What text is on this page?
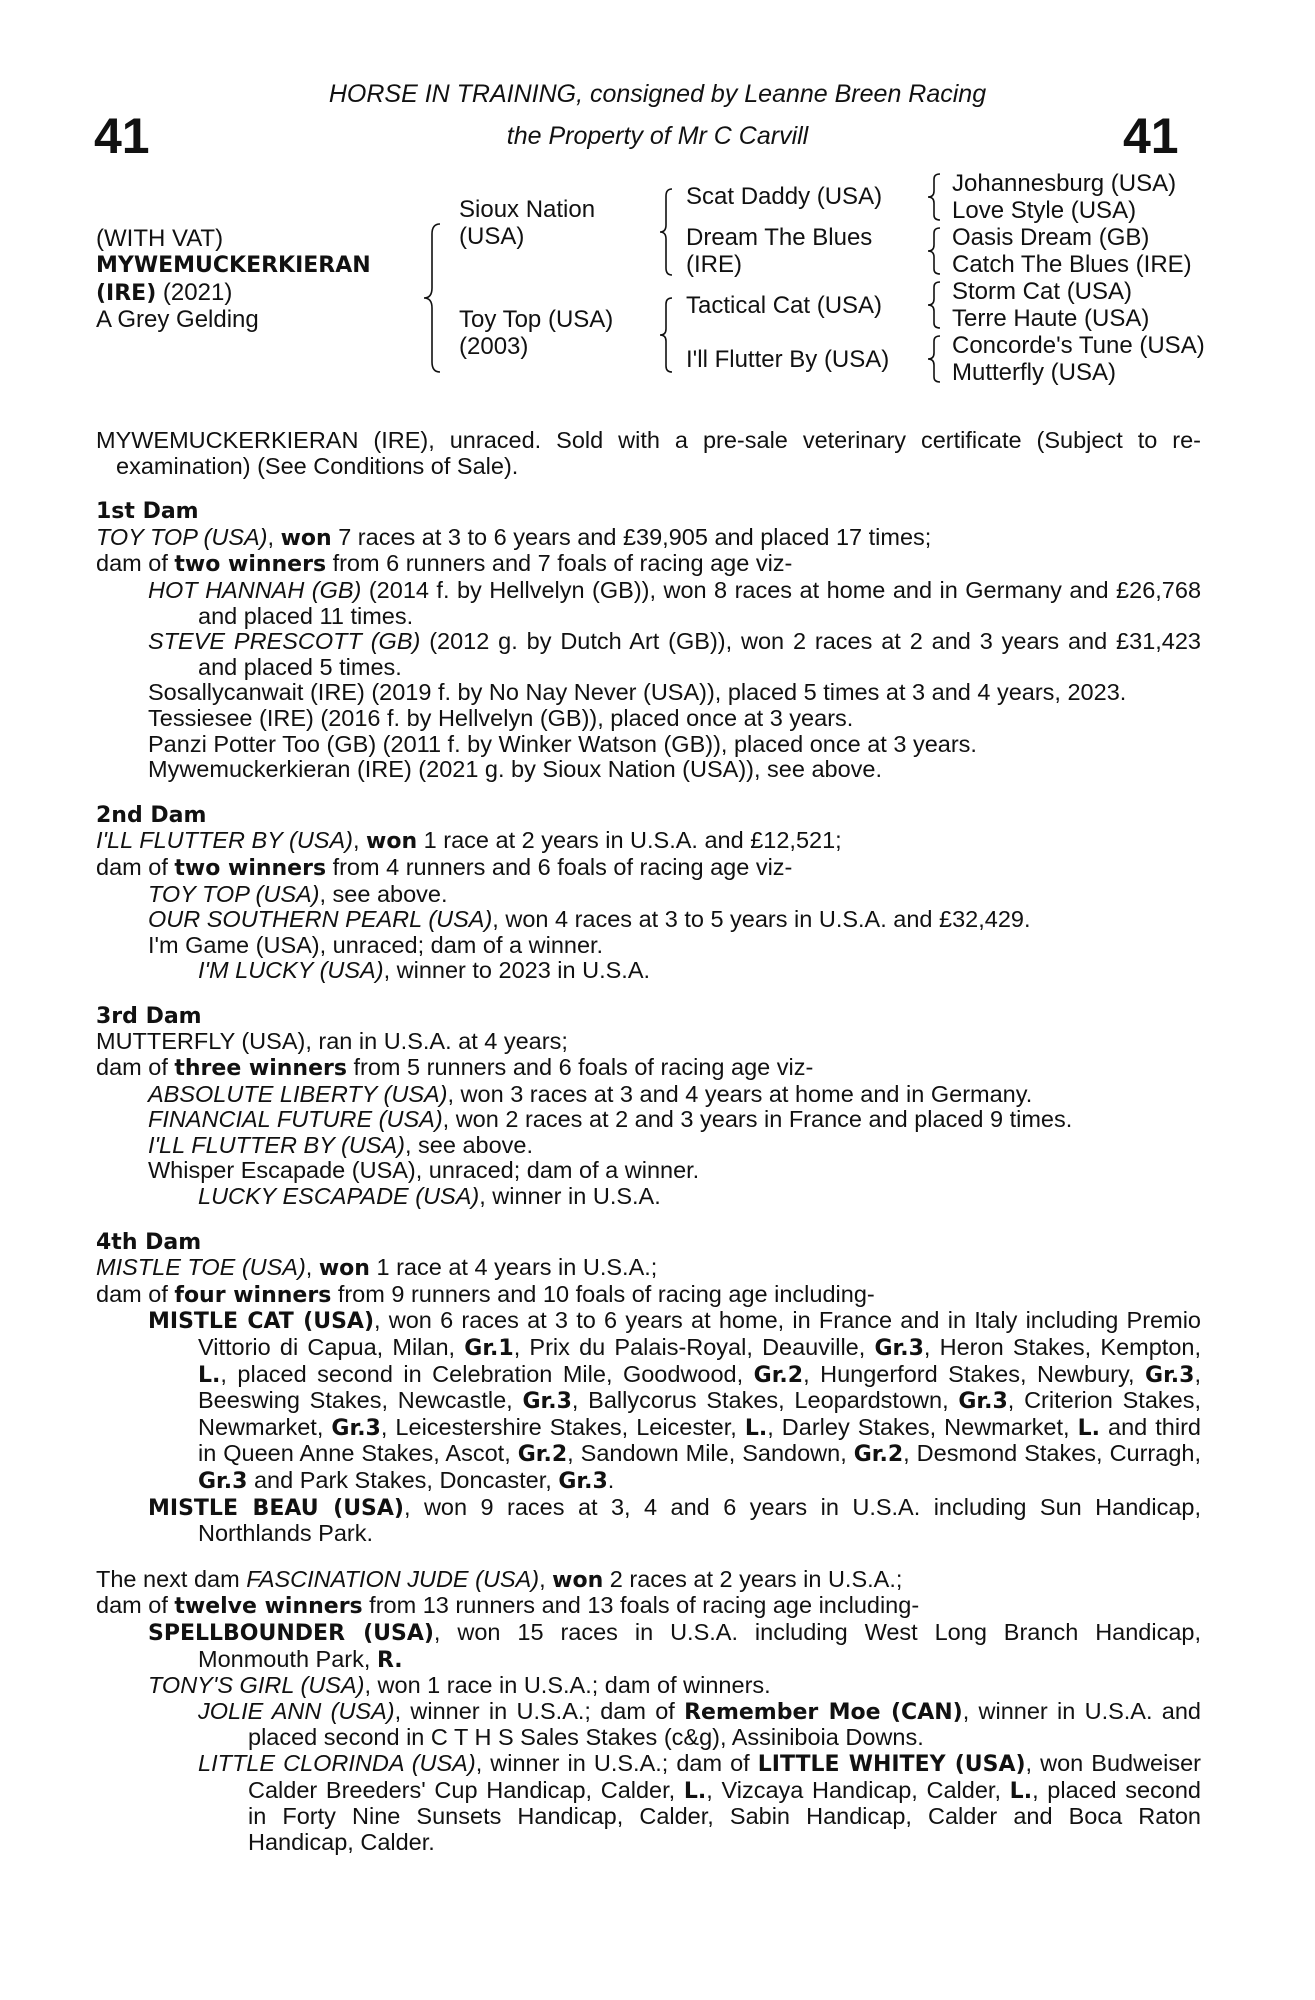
HORSE IN TRAINING, consigned by Leanne Breen Racing
the Property of Mr C Carvill
41	41
(WITH VAT)
MYWEMUCKERKIERAN
(IRE) (2021)
A Grey Gelding
Sioux Nation
(USA)
Toy Top (USA)
(2003)
Scat Daddy (USA)
Dream The Blues
(IRE)
Tactical Cat (USA)
I'll Flutter By (USA)
Johannesburg (USA)
Love Style (USA)
Oasis Dream (GB)
Catch The Blues (IRE)
Storm Cat (USA)
Terre Haute (USA)
Concorde's Tune (USA)
Mutterfly (USA)

MYWEMUCKERKIERAN (IRE), unraced. Sold with a pre-sale veterinary certificate (Subject to re-examination) (See Conditions of Sale).

1st Dam

TOY TOP (USA), won 7 races at 3 to 6 years and £39,905 and placed 17 times;

dam of two winners from 6 runners and 7 foals of racing age viz-

HOT HANNAH (GB) (2014 f. by Hellvelyn (GB)), won 8 races at home and in Germany and £26,768 and placed 11 times.

STEVE PRESCOTT (GB) (2012 g. by Dutch Art (GB)), won 2 races at 2 and 3 years and £31,423 and placed 5 times.

Sosallycanwait (IRE) (2019 f. by No Nay Never (USA)), placed 5 times at 3 and 4 years, 2023.

Tessiesee (IRE) (2016 f. by Hellvelyn (GB)), placed once at 3 years.

Panzi Potter Too (GB) (2011 f. by Winker Watson (GB)), placed once at 3 years.

Mywemuckerkieran (IRE) (2021 g. by Sioux Nation (USA)), see above.

2nd Dam

I'LL FLUTTER BY (USA), won 1 race at 2 years in U.S.A. and £12,521;

dam of two winners from 4 runners and 6 foals of racing age viz-

TOY TOP (USA), see above.

OUR SOUTHERN PEARL (USA), won 4 races at 3 to 5 years in U.S.A. and £32,429.

I'm Game (USA), unraced; dam of a winner.

I'M LUCKY (USA), winner to 2023 in U.S.A.

3rd Dam

MUTTERFLY (USA), ran in U.S.A. at 4 years;

dam of three winners from 5 runners and 6 foals of racing age viz-

ABSOLUTE LIBERTY (USA), won 3 races at 3 and 4 years at home and in Germany.

FINANCIAL FUTURE (USA), won 2 races at 2 and 3 years in France and placed 9 times.

I'LL FLUTTER BY (USA), see above.

Whisper Escapade (USA), unraced; dam of a winner.

LUCKY ESCAPADE (USA), winner in U.S.A.

4th Dam

MISTLE TOE (USA), won 1 race at 4 years in U.S.A.;

dam of four winners from 9 runners and 10 foals of racing age including-

MISTLE CAT (USA), won 6 races at 3 to 6 years at home, in France and in Italy including Premio Vittorio di Capua, Milan, Gr.1, Prix du Palais-Royal, Deauville, Gr.3, Heron Stakes, Kempton, L., placed second in Celebration Mile, Goodwood, Gr.2, Hungerford Stakes, Newbury, Gr.3, Beeswing Stakes, Newcastle, Gr.3, Ballycorus Stakes, Leopardstown, Gr.3, Criterion Stakes, Newmarket, Gr.3, Leicestershire Stakes, Leicester, L., Darley Stakes, Newmarket, L. and third in Queen Anne Stakes, Ascot, Gr.2, Sandown Mile, Sandown, Gr.2, Desmond Stakes, Curragh, Gr.3 and Park Stakes, Doncaster, Gr.3.

MISTLE BEAU (USA), won 9 races at 3, 4 and 6 years in U.S.A. including Sun Handicap, Northlands Park.

The next dam FASCINATION JUDE (USA), won 2 races at 2 years in U.S.A.;

dam of twelve winners from 13 runners and 13 foals of racing age including-

SPELLBOUNDER (USA), won 15 races in U.S.A. including West Long Branch Handicap, Monmouth Park, R.

TONY'S GIRL (USA), won 1 race in U.S.A.; dam of winners.

JOLIE ANN (USA), winner in U.S.A.; dam of Remember Moe (CAN), winner in U.S.A. and placed second in C T H S Sales Stakes (c&g), Assiniboia Downs.

LITTLE CLORINDA (USA), winner in U.S.A.; dam of LITTLE WHITEY (USA), won Budweiser Calder Breeders' Cup Handicap, Calder, L., Vizcaya Handicap, Calder, L., placed second in Forty Nine Sunsets Handicap, Calder, Sabin Handicap, Calder and Boca Raton Handicap, Calder.
